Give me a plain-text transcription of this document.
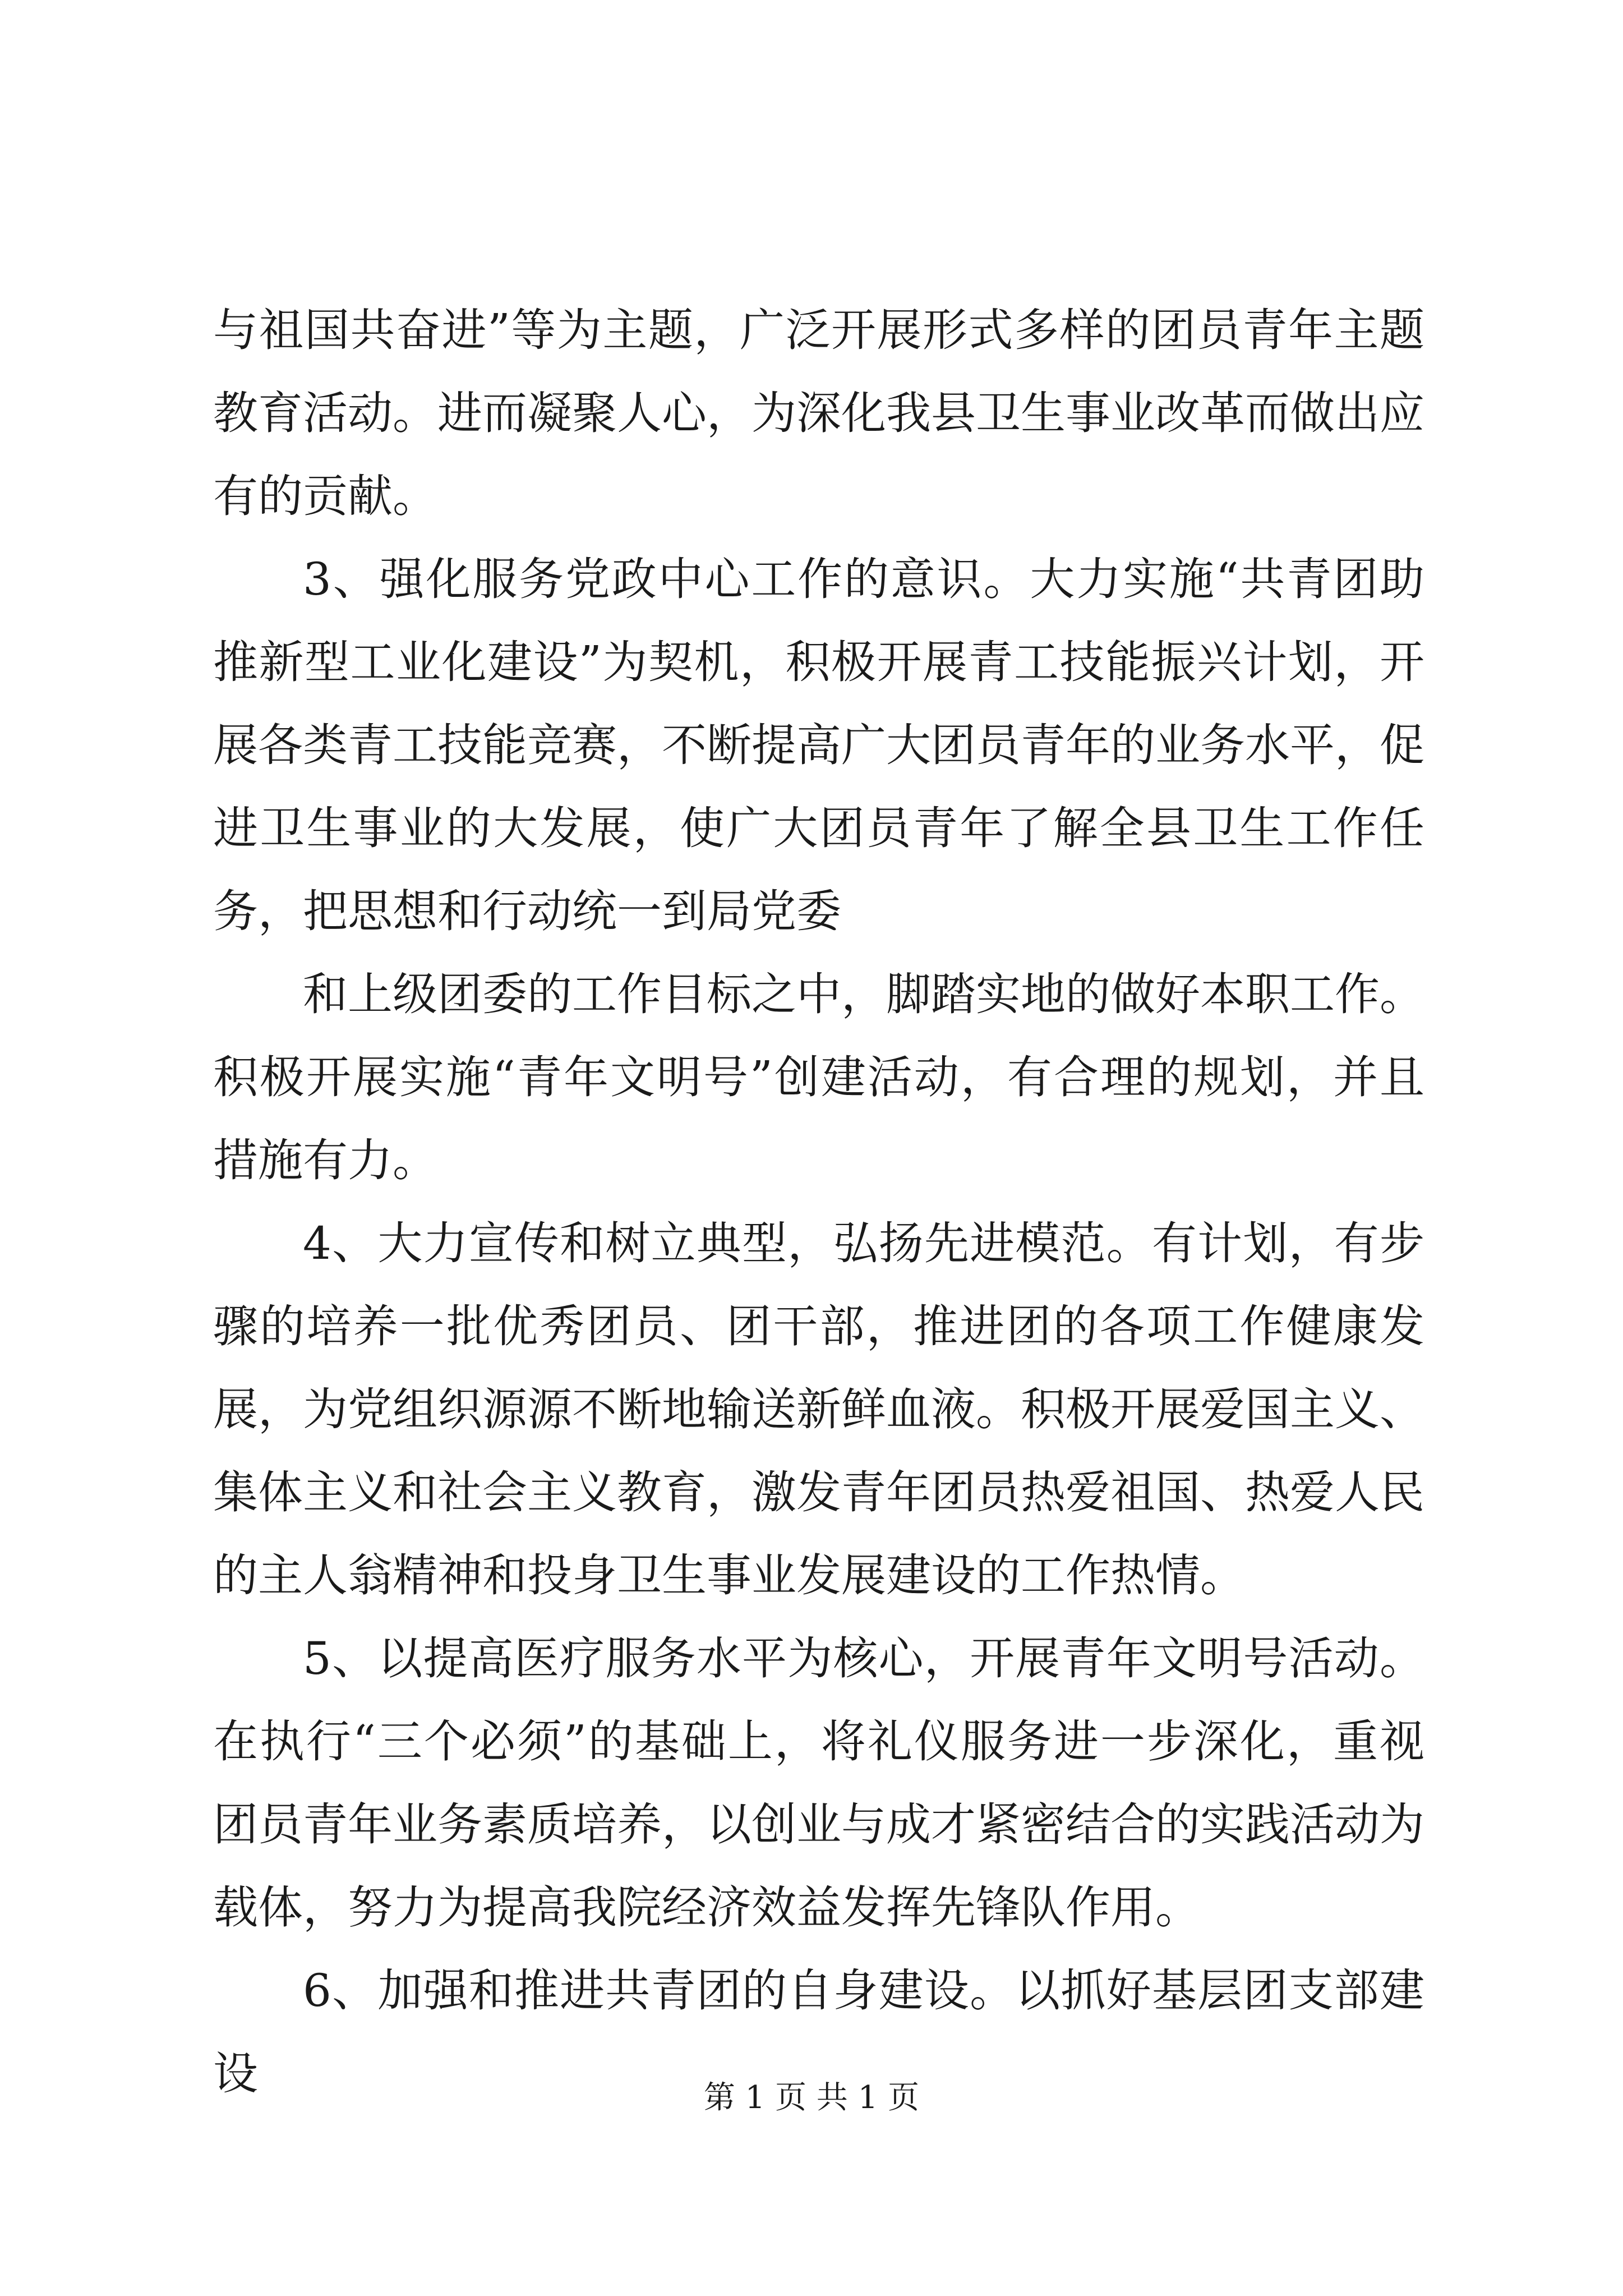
与祖国共奋进”等为主题，广泛开展形式多样的团员青年主题教育活动。进而凝聚人心，为深化我县卫生事业改革而做出应有的贡献。

3、强化服务党政中心工作的意识。大力实施“共青团助推新型工业化建设”为契机，积极开展青工技能振兴计划，开展各类青工技能竞赛，不断提高广大团员青年的业务水平，促进卫生事业的大发展，使广大团员青年了解全县卫生工作任务，把思想和行动统一到局党委

和上级团委的工作目标之中，脚踏实地的做好本职工作。积极开展实施“青年文明号”创建活动，有合理的规划，并且措施有力。

4、大力宣传和树立典型，弘扬先进模范。有计划，有步骤的培养一批优秀团员、团干部，推进团的各项工作健康发展，为党组织源源不断地输送新鲜血液。积极开展爱国主义、集体主义和社会主义教育，激发青年团员热爱祖国、热爱人民的主人翁精神和投身卫生事业发展建设的工作热情。

5、以提高医疗服务水平为核心，开展青年文明号活动。在执行“三个必须”的基础上，将礼仪服务进一步深化，重视团员青年业务素质培养，以创业与成才紧密结合的实践活动为载体，努力为提高我院经济效益发挥先锋队作用。

6、加强和推进共青团的自身建设。以抓好基层团支部建设	第 1 页 共 1 页
